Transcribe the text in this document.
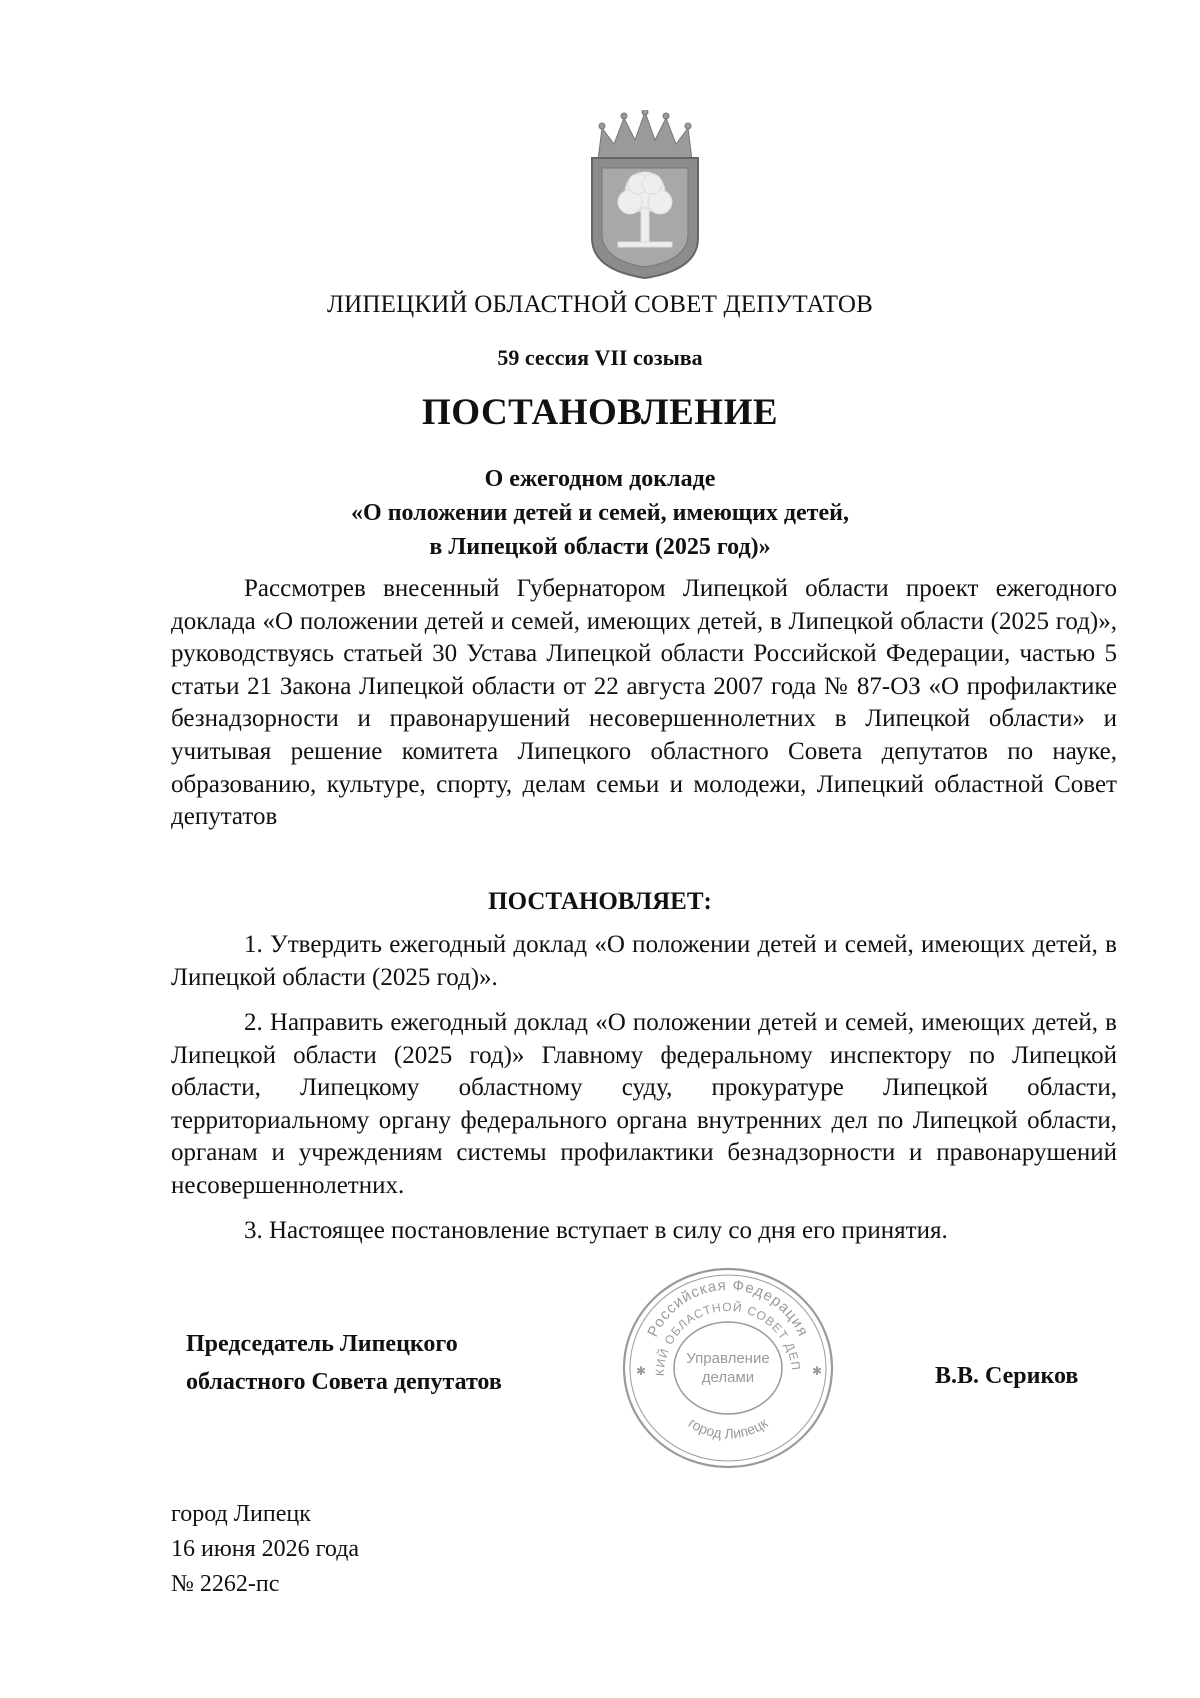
ЛИПЕЦКИЙ ОБЛАСТНОЙ СОВЕТ ДЕПУТАТОВ
59 сессия VII созыва
ПОСТАНОВЛЕНИЕ
О ежегодном докладе
«О положении детей и семей, имеющих детей,
в Липецкой области (2025 год)»

Рассмотрев внесенный Губернатором Липецкой области проект ежегодного доклада «О положении детей и семей, имеющих детей, в Липецкой области (2025 год)», руководствуясь статьей 30 Устава Липецкой области Российской Федерации, частью 5 статьи 21 Закона Липецкой области от 22 августа 2007 года № 87-ОЗ «О профилактике безнадзорности и правонарушений несовершеннолетних в Липецкой области» и учитывая решение комитета Липецкого областного Совета депутатов по науке, образованию, культуре, спорту, делам семьи и молодежи, Липецкий областной Совет депутатов

ПОСТАНОВЛЯЕТ:

1. Утвердить ежегодный доклад «О положении детей и семей, имеющих детей, в Липецкой области (2025 год)».

2. Направить ежегодный доклад «О положении детей и семей, имеющих детей, в Липецкой области (2025 год)» Главному федеральному инспектору по Липецкой области, Липецкому областному суду, прокуратуре Липецкой области, территориальному органу федерального органа внутренних дел по Липецкой области, органам и учреждениям системы профилактики безнадзорности и правонарушений несовершеннолетних.

3. Настоящее постановление вступает в силу со дня его принятия.

Российская Федерация
КИЙ ОБЛАСТНОЙ СОВЕТ ДЕП
город Липецк
Управление
делами
✱	✱
Председатель Липецкого
областного Совета депутатов	В.В. Сериков
город Липецк
16 июня 2026 года
№ 2262-пс
